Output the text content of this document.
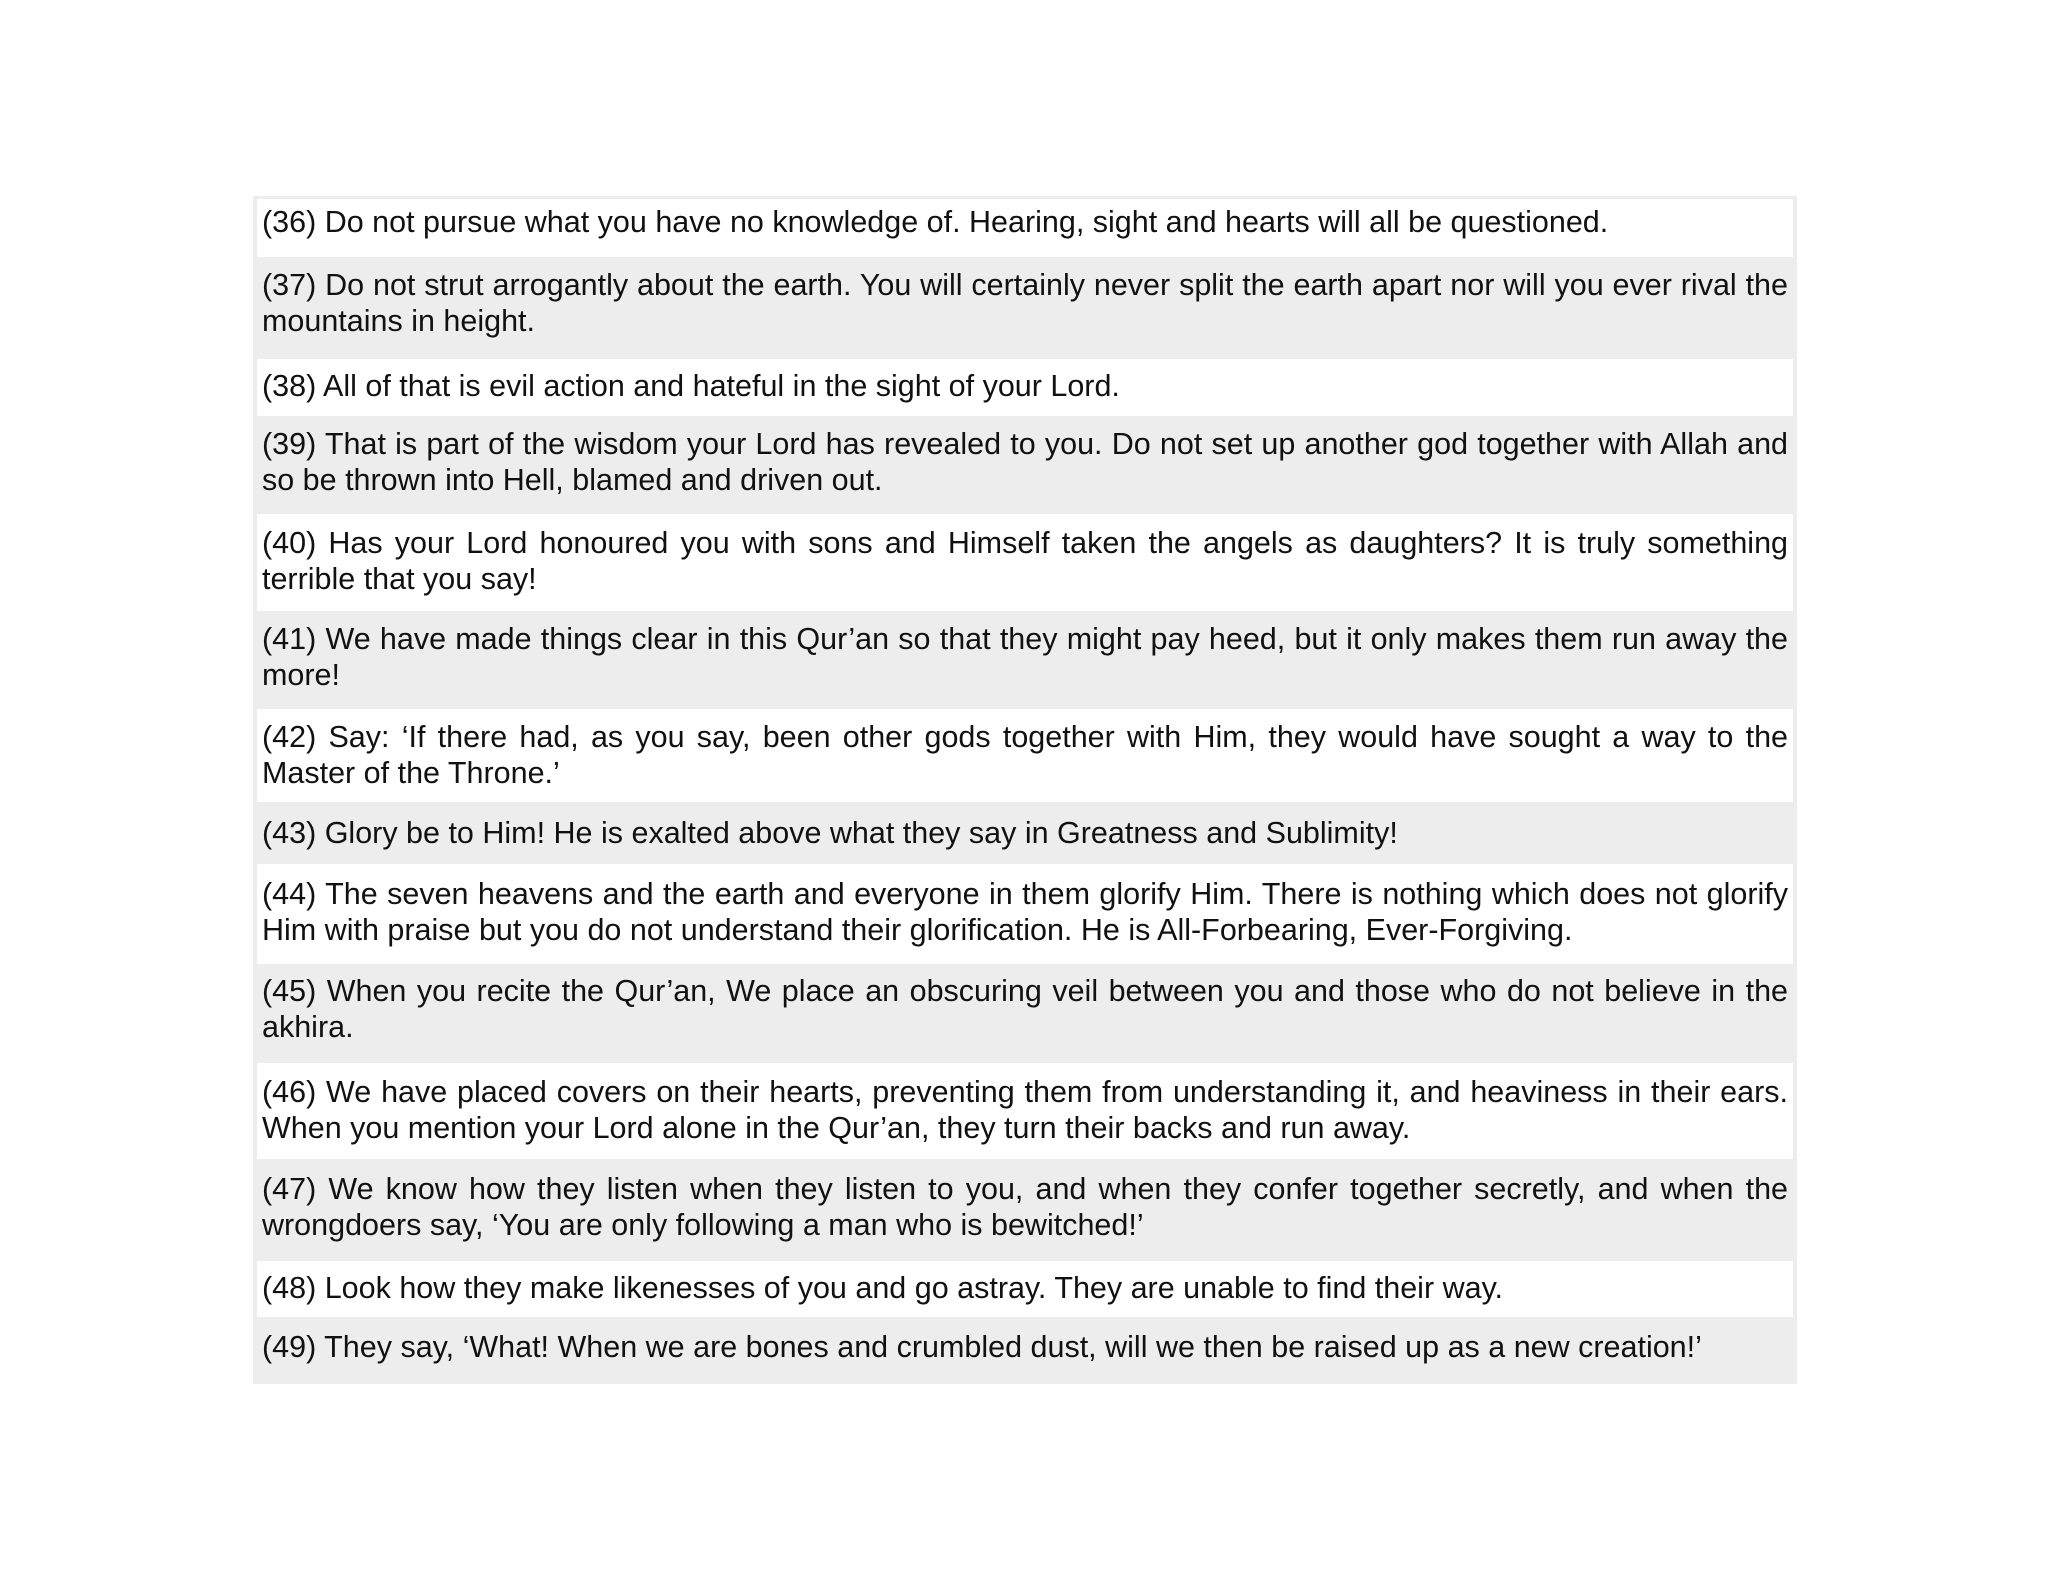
(36) Do not pursue what you have no knowledge of. Hearing, sight and hearts will all be questioned.
(37) Do not strut arrogantly about the earth. You will certainly never split the earth apart nor will you ever rival the mountains in height.
(38) All of that is evil action and hateful in the sight of your Lord.
(39) That is part of the wisdom your Lord has revealed to you. Do not set up another god together with Allah and so be thrown into Hell, blamed and driven out.
(40) Has your Lord honoured you with sons and Himself taken the angels as daughters? It is truly something terrible that you say!
(41) We have made things clear in this Qur’an so that they might pay heed, but it only makes them run away the more!
(42) Say: ‘If there had, as you say, been other gods together with Him, they would have sought a way to the Master of the Throne.’
(43) Glory be to Him! He is exalted above what they say in Greatness and Sublimity!
(44) The seven heavens and the earth and everyone in them glorify Him. There is nothing which does not glorify Him with praise but you do not understand their glorification. He is All-Forbearing, Ever-Forgiving.
(45) When you recite the Qur’an, We place an obscuring veil between you and those who do not believe in the akhira.
(46) We have placed covers on their hearts, preventing them from understanding it, and heaviness in their ears. When you mention your Lord alone in the Qur’an, they turn their backs and run away.
(47) We know how they listen when they listen to you, and when they confer together secretly, and when the wrongdoers say, ‘You are only following a man who is bewitched!’
(48) Look how they make likenesses of you and go astray. They are unable to find their way.
(49) They say, ‘What! When we are bones and crumbled dust, will we then be raised up as a new creation!’
